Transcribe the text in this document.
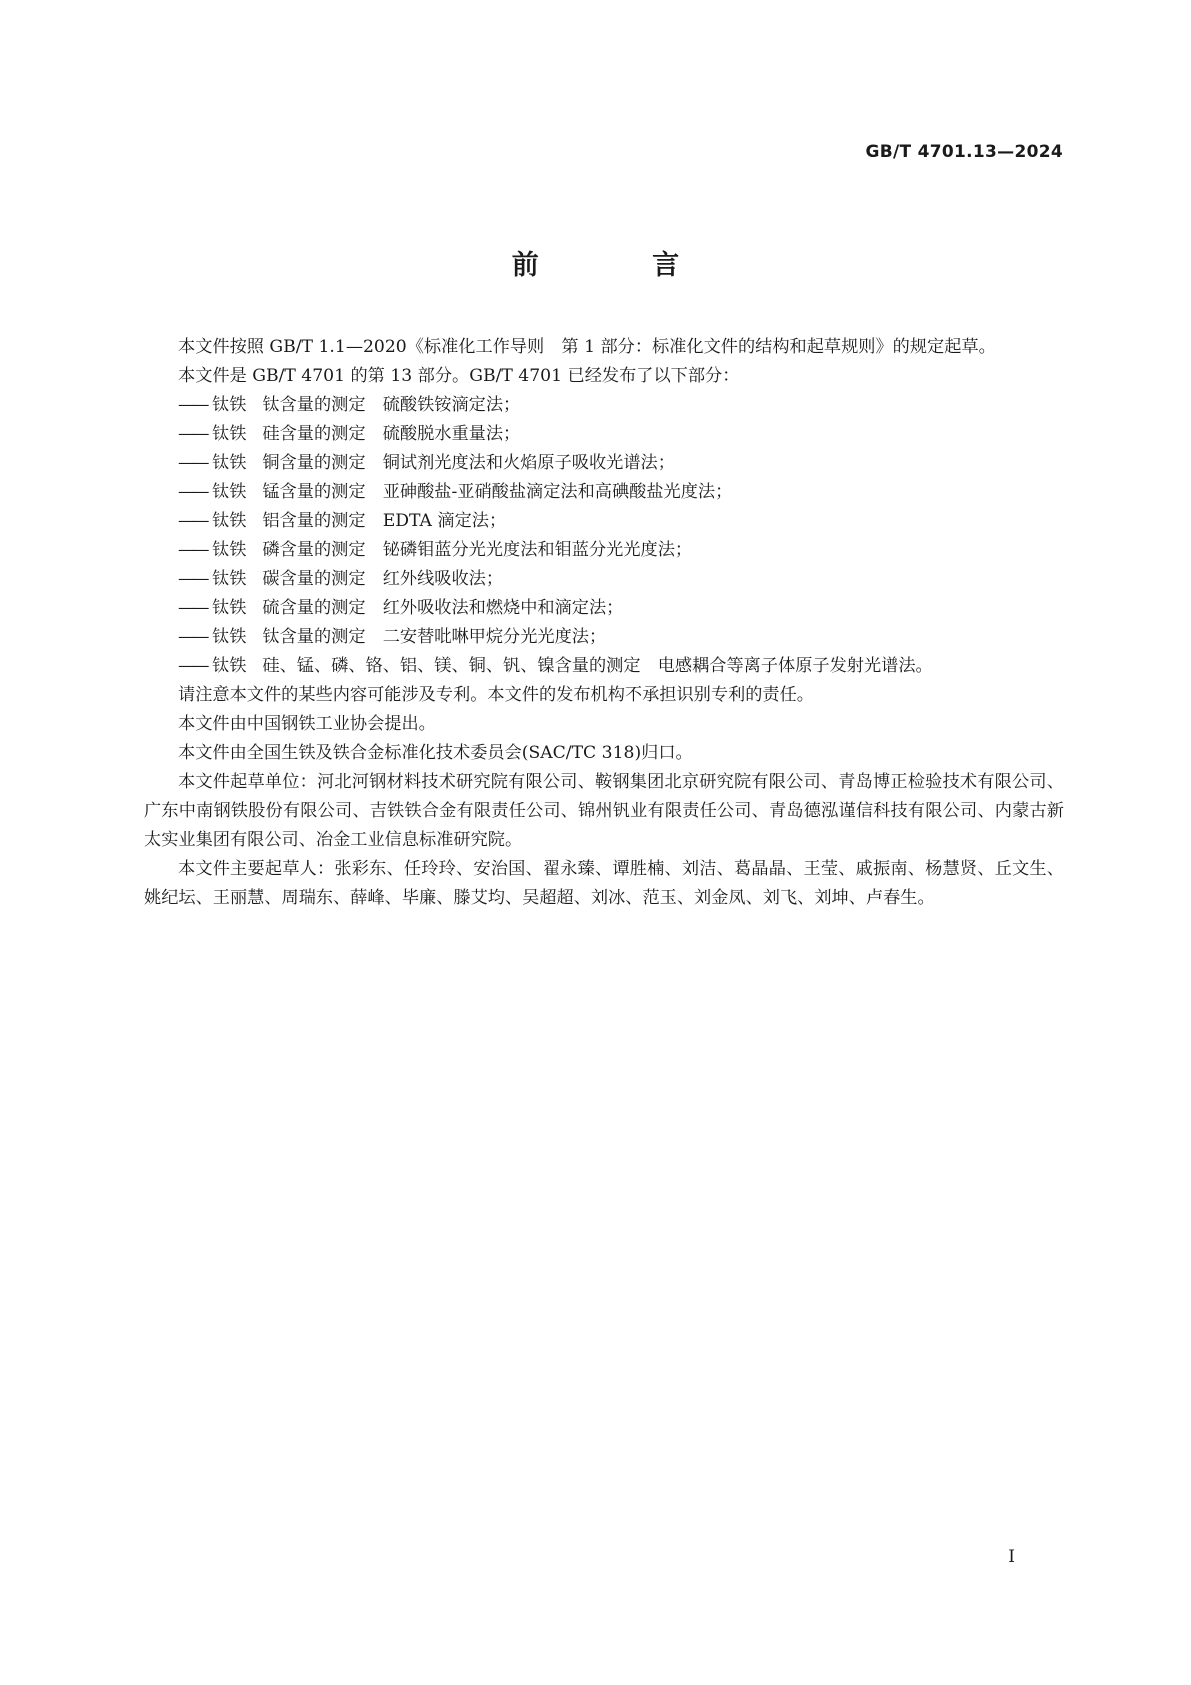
GB/T 4701.13—2024
前 言

本文件按照 GB/T 1.1—2020《标准化工作导则　第 1 部分：标准化文件的结构和起草规则》的规定起草。

本文件是 GB/T 4701 的第 13 部分。GB/T 4701 已经发布了以下部分：

—— 钛铁 钛含量的测定　硫酸铁铵滴定法；
—— 钛铁 硅含量的测定　硫酸脱水重量法；
—— 钛铁 铜含量的测定　铜试剂光度法和火焰原子吸收光谱法；
—— 钛铁 锰含量的测定　亚砷酸盐-亚硝酸盐滴定法和高碘酸盐光度法；
—— 钛铁 铝含量的测定　EDTA 滴定法；
—— 钛铁 磷含量的测定　铋磷钼蓝分光光度法和钼蓝分光光度法；
—— 钛铁 碳含量的测定　红外线吸收法；
—— 钛铁 硫含量的测定　红外吸收法和燃烧中和滴定法；
—— 钛铁 钛含量的测定　二安替吡啉甲烷分光光度法；
—— 钛铁 硅、锰、磷、铬、铝、镁、铜、钒、镍含量的测定　电感耦合等离子体原子发射光谱法。

请注意本文件的某些内容可能涉及专利。本文件的发布机构不承担识别专利的责任。

本文件由中国钢铁工业协会提出。

本文件由全国生铁及铁合金标准化技术委员会(SAC/TC 318)归口。

本文件起草单位：河北河钢材料技术研究院有限公司、鞍钢集团北京研究院有限公司、青岛博正检验技术有限公司、广东中南钢铁股份有限公司、吉铁铁合金有限责任公司、锦州钒业有限责任公司、青岛德泓谨信科技有限公司、内蒙古新太实业集团有限公司、冶金工业信息标准研究院。

本文件主要起草人：张彩东、任玲玲、安治国、翟永臻、谭胜楠、刘洁、葛晶晶、王莹、戚振南、杨慧贤、丘文生、姚纪坛、王丽慧、周瑞东、薛峰、毕廉、滕艾均、吴超超、刘冰、范玉、刘金凤、刘飞、刘坤、卢春生。

I
